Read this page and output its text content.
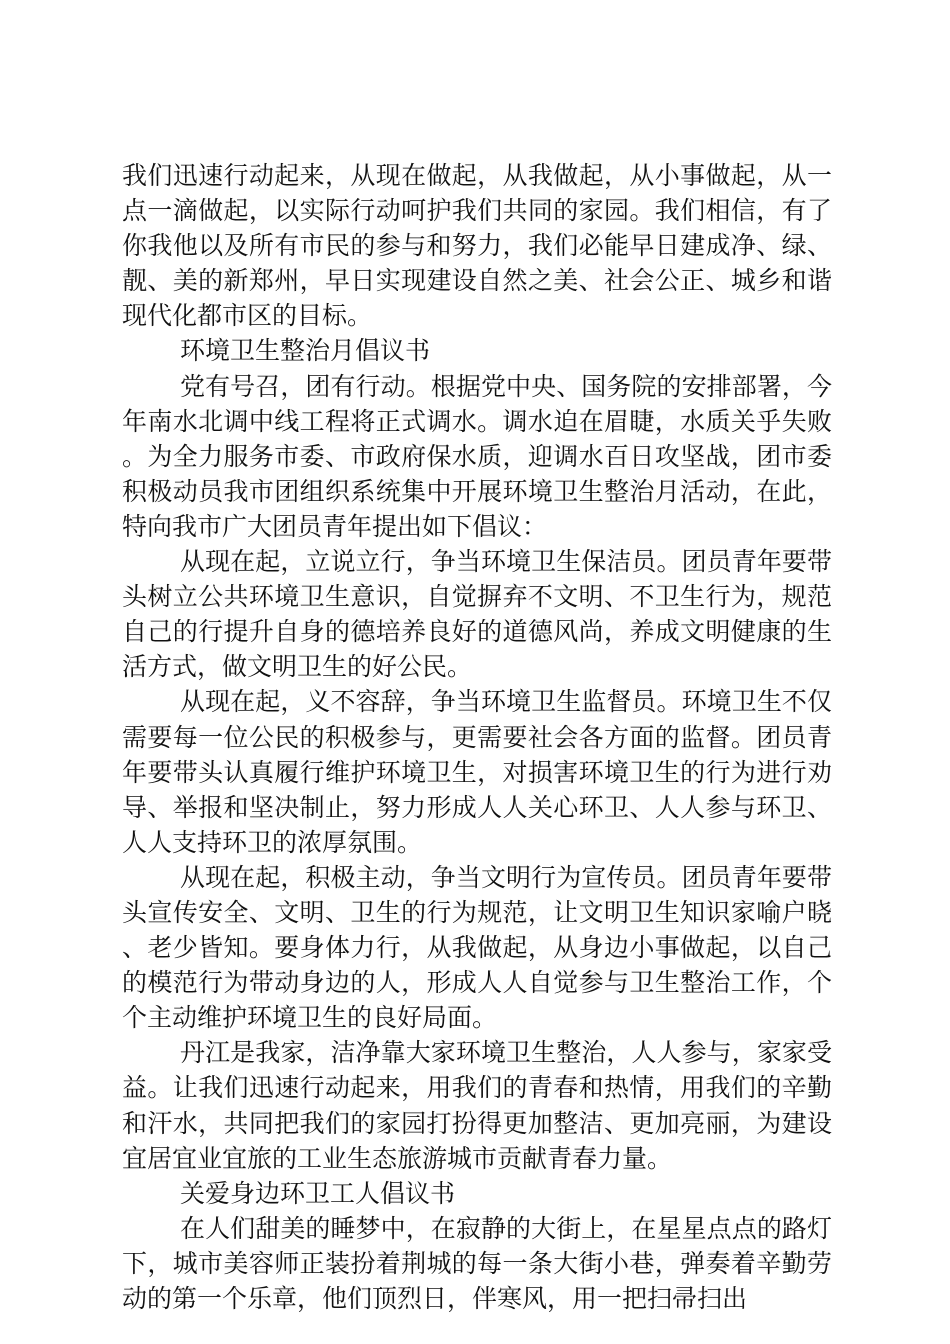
我们迅速行动起来，从现在做起，从我做起，从小事做起，从一点一滴做起，以实际行动呵护我们共同的家园。我们相信，有了你我他以及所有市民的参与和努力，我们必能早日建成净、绿、靓、美的新郑州，早日实现建设自然之美、社会公正、城乡和谐现代化都市区的目标。

环境卫生整治月倡议书

党有号召，团有行动。根据党中央、国务院的安排部署，今年南水北调中线工程将正式调水。调水迫在眉睫，水质关乎失败。为全力服务市委、市政府保水质，迎调水百日攻坚战，团市委积极动员我市团组织系统集中开展环境卫生整治月活动，在此，特向我市广大团员青年提出如下倡议：

从现在起，立说立行，争当环境卫生保洁员。团员青年要带头树立公共环境卫生意识，自觉摒弃不文明、不卫生行为，规范自己的行提升自身的德培养良好的道德风尚，养成文明健康的生活方式，做文明卫生的好公民。

从现在起，义不容辞，争当环境卫生监督员。环境卫生不仅需要每一位公民的积极参与，更需要社会各方面的监督。团员青年要带头认真履行维护环境卫生，对损害环境卫生的行为进行劝导、举报和坚决制止，努力形成人人关心环卫、人人参与环卫、人人支持环卫的浓厚氛围。

从现在起，积极主动，争当文明行为宣传员。团员青年要带头宣传安全、文明、卫生的行为规范，让文明卫生知识家喻户晓、老少皆知。要身体力行，从我做起，从身边小事做起，以自己的模范行为带动身边的人，形成人人自觉参与卫生整治工作，个个主动维护环境卫生的良好局面。

丹江是我家，洁净靠大家环境卫生整治，人人参与，家家受益。让我们迅速行动起来，用我们的青春和热情，用我们的辛勤和汗水，共同把我们的家园打扮得更加整洁、更加亮丽，为建设宜居宜业宜旅的工业生态旅游城市贡献青春力量。

关爱身边环卫工人倡议书

在人们甜美的睡梦中，在寂静的大街上，在星星点点的路灯下，城市美容师正装扮着荆城的每一条大街小巷，弹奏着辛勤劳动的第一个乐章，他们顶烈日，伴寒风，用一把扫帚扫出
